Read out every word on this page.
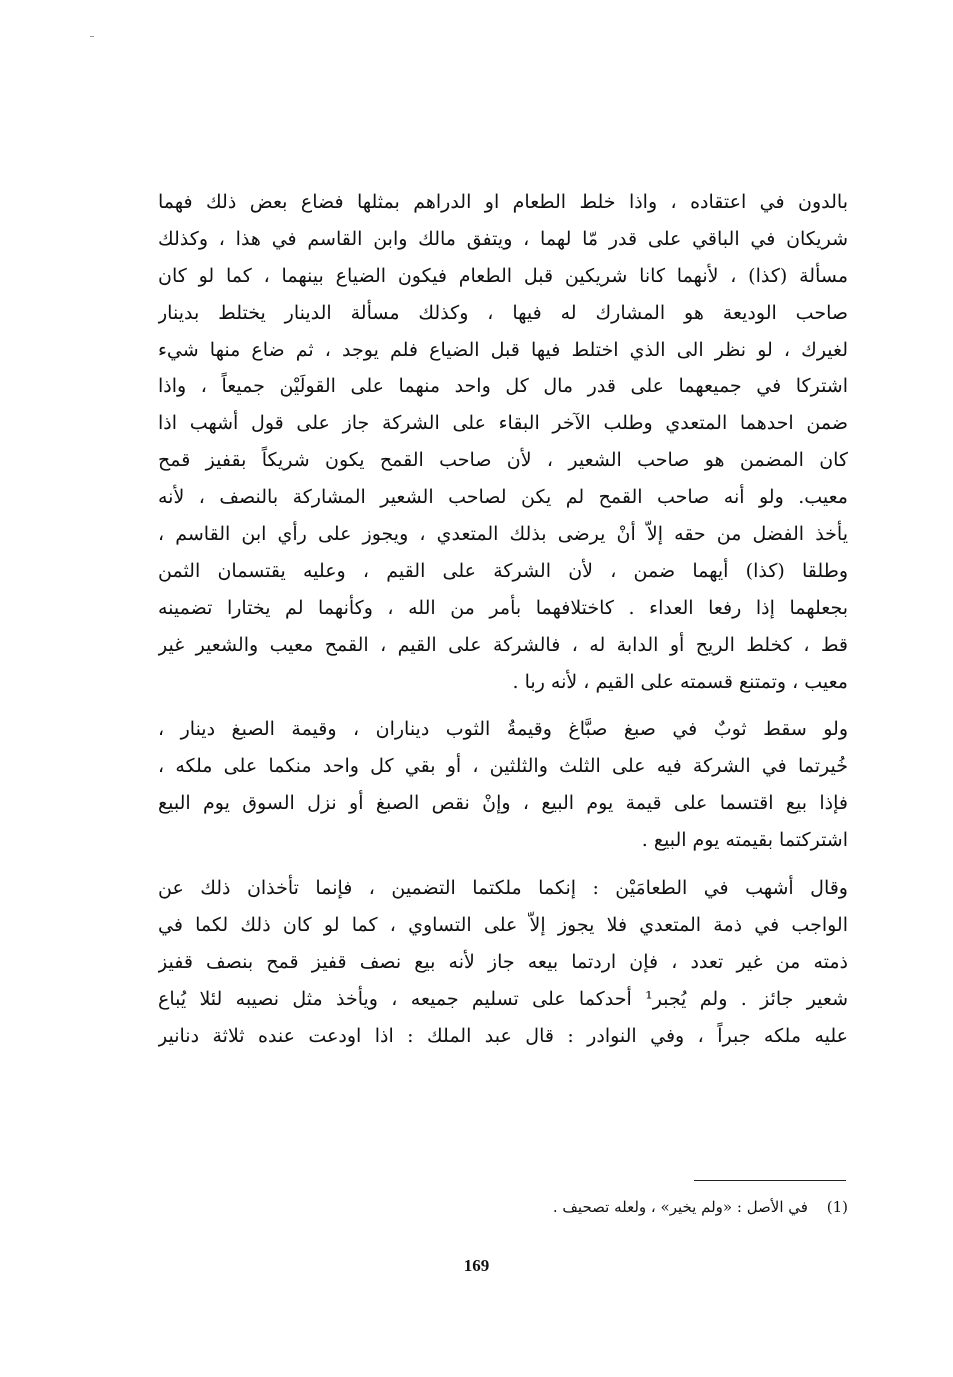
بالدون في اعتقاده ، واذا خلط الطعام او الدراهم بمثلها فضاع بعض ذلك فهما
شريكان في الباقي على قدر مّا لهما ، ويتفق مالك وابن القاسم في هذا ، وكذلك
مسألة (كذا) ، لأنهما كانا شريكين قبل الطعام فيكون الضياع بينهما ، كما لو كان
صاحب الوديعة هو المشارك له فيها ، وكذلك مسألة الدينار يختلط بدينار
لغيرك ، لو نظر الى الذي اختلط فيها قبل الضياع فلم يوجد ، ثم ضاع منها شيء
اشتركا في جميعهما على قدر مال كل واحد منهما على القولَيْن جميعاً ، واذا
ضمن احدهما المتعدي وطلب الآخر البقاء على الشركة جاز على قول أشهب اذا
كان المضمن هو صاحب الشعير ، لأن صاحب القمح يكون شريكاً بقفيز قمح
معيب. ولو أنه صاحب القمح لم يكن لصاحب الشعير المشاركة بالنصف ، لأنه
يأخذ الفضل من حقه إلاّ أنْ يرضى بذلك المتعدي ، ويجوز على رأي ابن القاسم ،
وطلقا (كذا) أيهما ضمن ، لأن الشركة على القيم ، وعليه يقتسمان الثمن
بجعلهما إذا رفعا العداء . كاختلافهما بأمر من الله ، وكأنهما لم يختارا تضمينه
قط ، كخلط الريح أو الدابة له ، فالشركة على القيم ، القمح معيب والشعير غير
معيب ، وتمتنع قسمته على القيم ، لأنه ربا .
ولو سقط ثوبٌ في صبغ صبَّاغ وقيمةُ الثوب ديناران ، وقيمة الصبغ دينار ،
خُيرتما في الشركة فيه على الثلث والثلثين ، أو بقي كل واحد منكما على ملكه ،
فإذا بيع اقتسما على قيمة يوم البيع ، وإنْ نقص الصبغ أو نزل السوق يوم البيع
اشتركتما بقيمته يوم البيع .
وقال أشهب في الطعامَيْن : إنكما ملكتما التضمين ، فإنما تأخذان ذلك عن
الواجب في ذمة المتعدي فلا يجوز إلاّ على التساوي ، كما لو كان ذلك لكما في
ذمته من غير تعدد ، فإن اردتما بيعه جاز لأنه بيع نصف قفيز قمح بنصف قفيز
شعير جائز . ولم يُجبر¹ أحدكما على تسليم جميعه ، ويأخذ مثل نصيبه لئلا يُباع
عليه ملكه جبراً ، وفي النوادر : قال عبد الملك : اذا اودعت عنده ثلاثة دنانير
(1) في الأصل : «ولم يخير» ، ولعله تصحيف .
169
